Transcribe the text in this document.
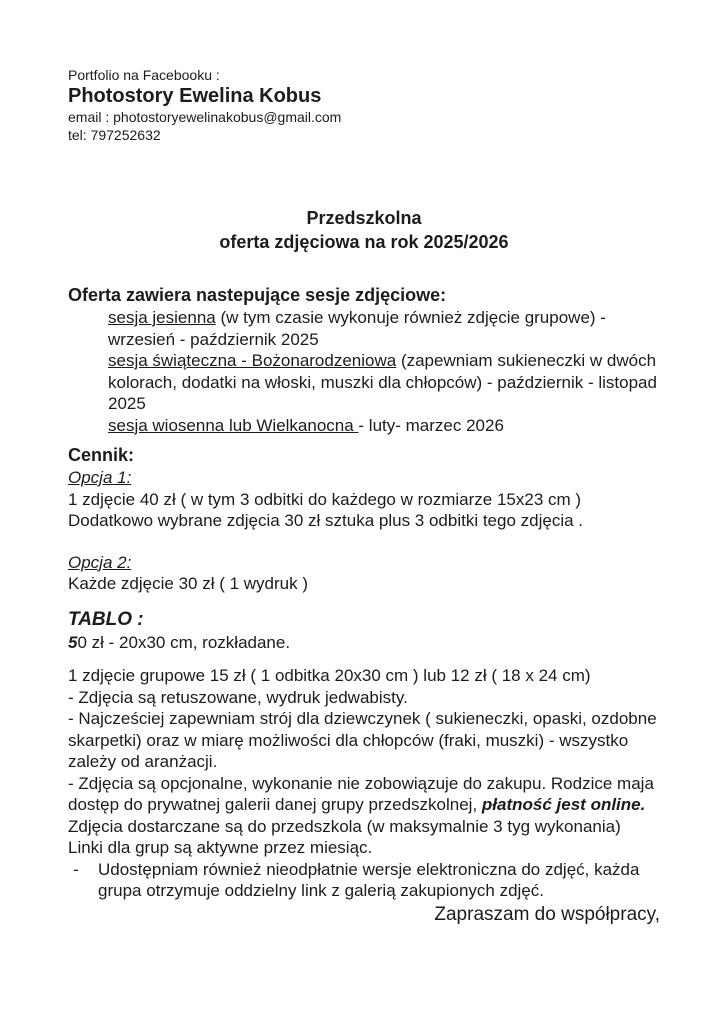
Portfolio na Facebooku :
Photostory Ewelina Kobus
email : photostoryewelinakobus@gmail.com
tel: 797252632
Przedszkolna
oferta zdjęciowa na rok 2025/2026
Oferta zawiera nastepujące sesje zdjęciowe:
sesja jesienna (w tym czasie wykonuje również zdjęcie grupowe) - wrzesień - październik 2025
sesja świąteczna - Bożonarodzeniowa (zapewniam sukieneczki w dwóch kolorach, dodatki na włoski, muszki dla chłopców) - październik - listopad 2025
sesja wiosenna lub Wielkanocna - luty- marzec 2026
Cennik:
Opcja 1:
1 zdjęcie 40 zł ( w tym 3 odbitki do każdego w rozmiarze 15x23 cm )
Dodatkowo wybrane zdjęcia 30 zł sztuka plus 3 odbitki tego zdjęcia .
Opcja 2:
Każde zdjęcie 30 zł ( 1 wydruk )
TABLO :
50 zł - 20x30 cm, rozkładane.
1 zdjęcie grupowe 15 zł ( 1 odbitka 20x30 cm ) lub 12 zł ( 18 x 24 cm)
- Zdjęcia są retuszowane, wydruk jedwabisty.
- Najcześciej zapewniam strój dla dziewczynek ( sukieneczki, opaski, ozdobne skarpetki) oraz w miarę możliwości dla chłopców (fraki, muszki) - wszystko zależy od aranżacji.
- Zdjęcia są opcjonalne, wykonanie nie zobowiązuje do zakupu. Rodzice maja dostęp do prywatnej galerii danej grupy przedszkolnej, płatność jest online. Zdjęcia dostarczane są do przedszkola (w maksymalnie 3 tyg wykonania)
Linki dla grup są aktywne przez miesiąc.
-	Udostępniam również nieodpłatnie wersje elektroniczna do zdjęć, każda grupa otrzymuje oddzielny link z galerią zakupionych zdjęć.
Zapraszam do współpracy,
